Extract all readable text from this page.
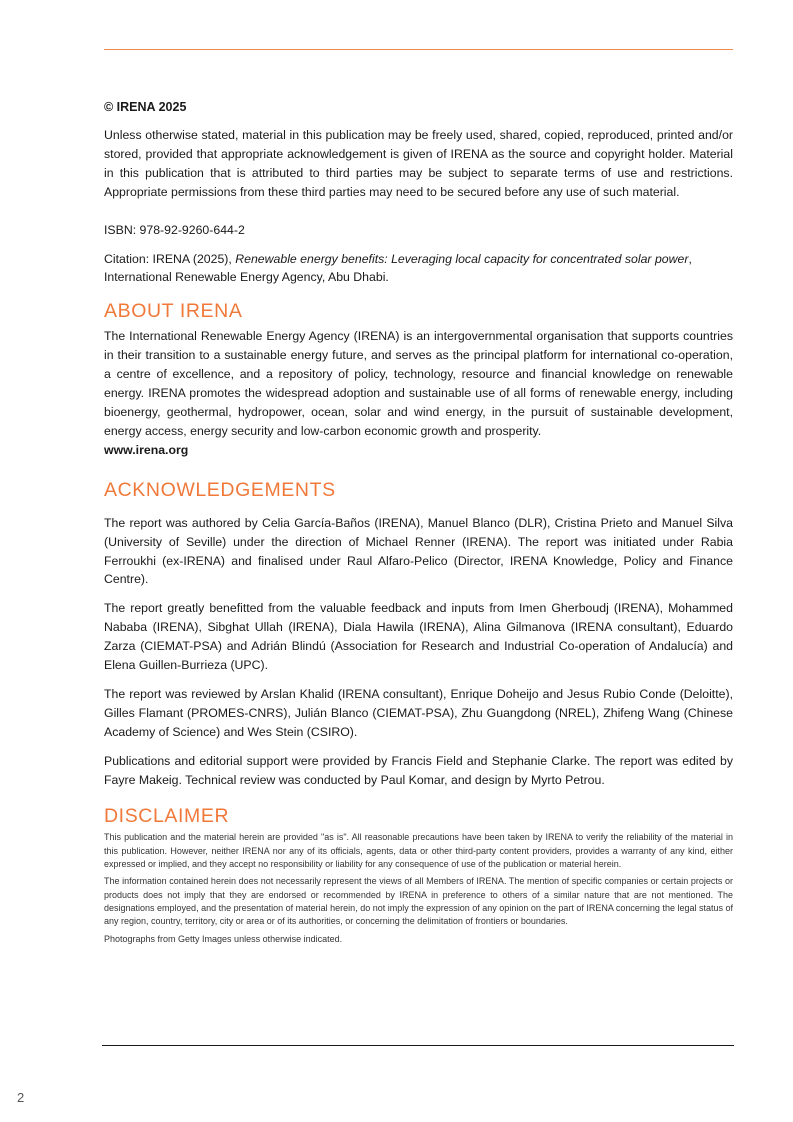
© IRENA 2025

Unless otherwise stated, material in this publication may be freely used, shared, copied, reproduced, printed and/or stored, provided that appropriate acknowledgement is given of IRENA as the source and copyright holder. Material in this publication that is attributed to third parties may be subject to separate terms of use and restrictions. Appropriate permissions from these third parties may need to be secured before any use of such material.

ISBN: 978-92-9260-644-2

Citation: IRENA (2025), Renewable energy benefits: Leveraging local capacity for concentrated solar power, International Renewable Energy Agency, Abu Dhabi.

ABOUT IRENA

The International Renewable Energy Agency (IRENA) is an intergovernmental organisation that supports countries in their transition to a sustainable energy future, and serves as the principal platform for international co-operation, a centre of excellence, and a repository of policy, technology, resource and financial knowledge on renewable energy. IRENA promotes the widespread adoption and sustainable use of all forms of renewable energy, including bioenergy, geothermal, hydropower, ocean, solar and wind energy, in the pursuit of sustainable development, energy access, energy security and low-carbon economic growth and prosperity.
www.irena.org

ACKNOWLEDGEMENTS

The report was authored by Celia García-Baños (IRENA), Manuel Blanco (DLR), Cristina Prieto and Manuel Silva (University of Seville) under the direction of Michael Renner (IRENA). The report was initiated under Rabia Ferroukhi (ex-IRENA) and finalised under Raul Alfaro-Pelico (Director, IRENA Knowledge, Policy and Finance Centre).

The report greatly benefitted from the valuable feedback and inputs from Imen Gherboudj (IRENA), Mohammed Nababa (IRENA), Sibghat Ullah (IRENA), Diala Hawila (IRENA), Alina Gilmanova (IRENA consultant), Eduardo Zarza (CIEMAT-PSA) and Adrián Blindú (Association for Research and Industrial Co-operation of Andalucía) and Elena Guillen-Burrieza (UPC).

The report was reviewed by Arslan Khalid (IRENA consultant), Enrique Doheijo and Jesus Rubio Conde (Deloitte), Gilles Flamant (PROMES-CNRS), Julián Blanco (CIEMAT-PSA), Zhu Guangdong (NREL), Zhifeng Wang (Chinese Academy of Science) and Wes Stein (CSIRO).

Publications and editorial support were provided by Francis Field and Stephanie Clarke. The report was edited by Fayre Makeig. Technical review was conducted by Paul Komar, and design by Myrto Petrou.

DISCLAIMER

This publication and the material herein are provided "as is". All reasonable precautions have been taken by IRENA to verify the reliability of the material in this publication. However, neither IRENA nor any of its officials, agents, data or other third-party content providers, provides a warranty of any kind, either expressed or implied, and they accept no responsibility or liability for any consequence of use of the publication or material herein.

The information contained herein does not necessarily represent the views of all Members of IRENA. The mention of specific companies or certain projects or products does not imply that they are endorsed or recommended by IRENA in preference to others of a similar nature that are not mentioned. The designations employed, and the presentation of material herein, do not imply the expression of any opinion on the part of IRENA concerning the legal status of any region, country, territory, city or area or of its authorities, or concerning the delimitation of frontiers or boundaries.

Photographs from Getty Images unless otherwise indicated.

2
